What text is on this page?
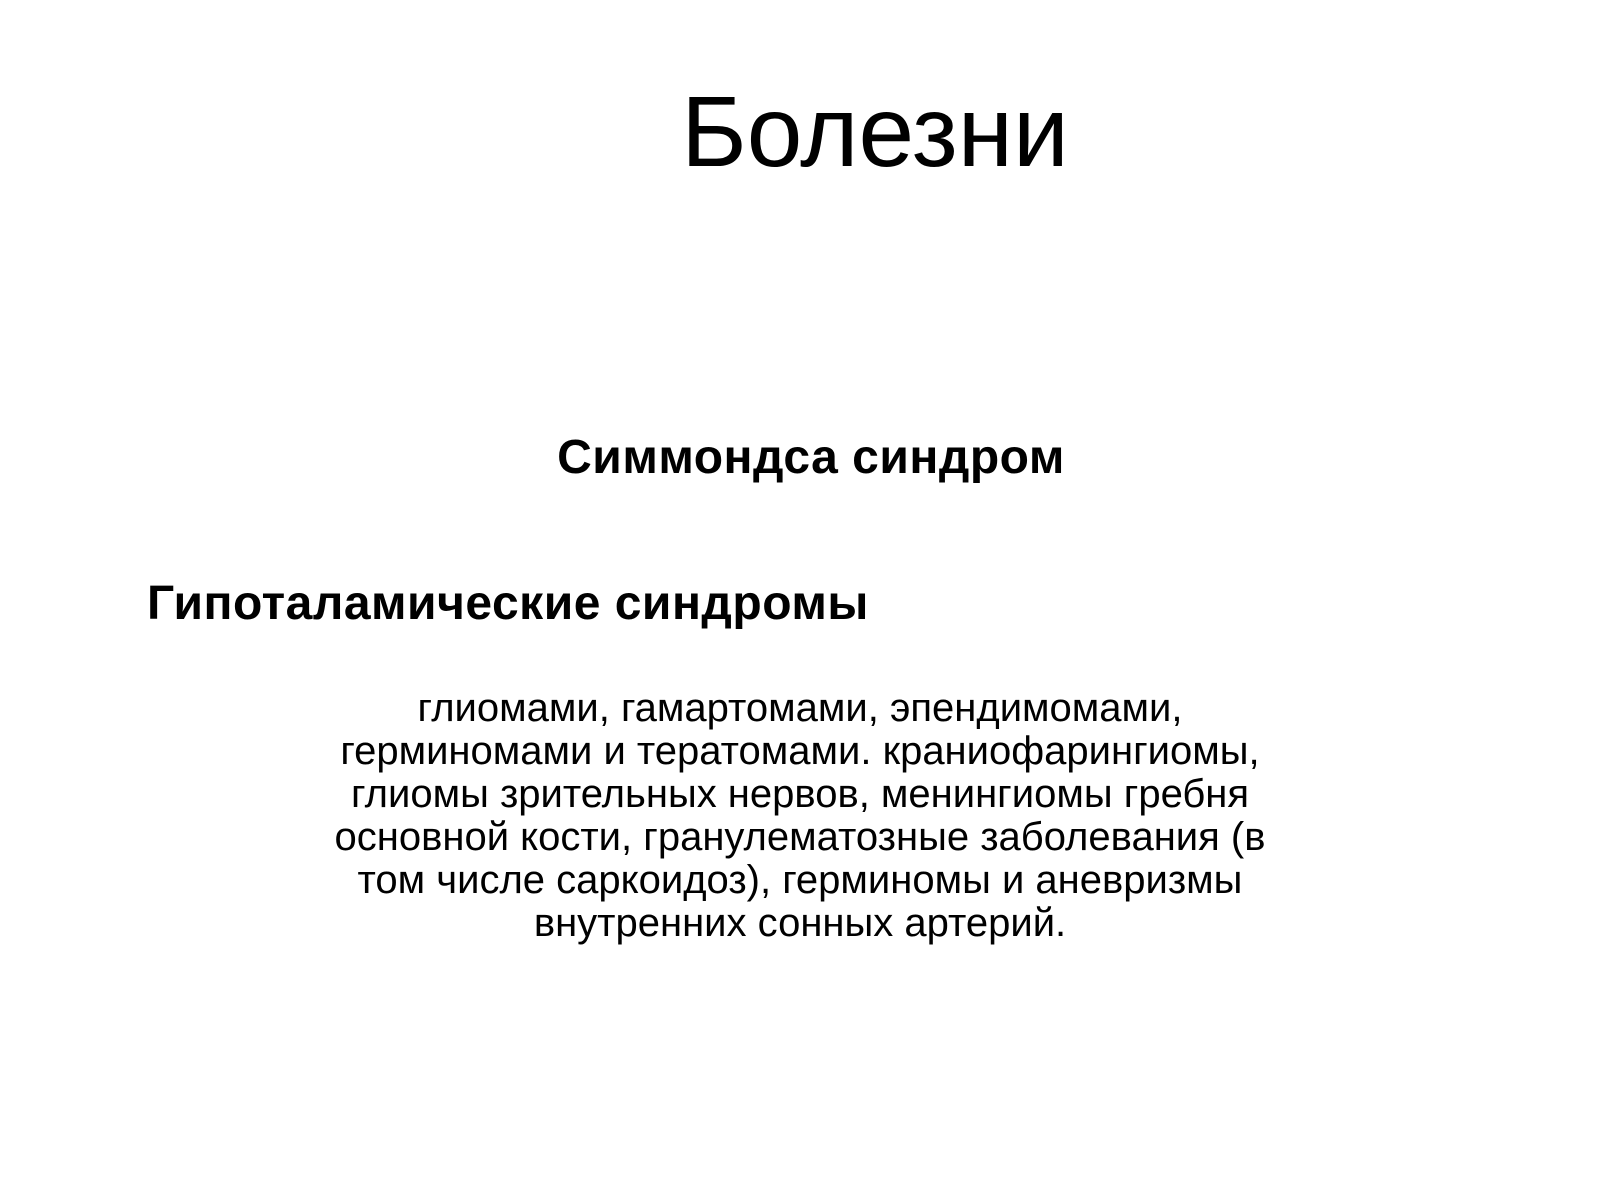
Болезни
Симмондса синдром
Гипоталамические синдромы

глиомами, гамартомами, эпендимомами,
герминомами и тератомами. краниофарингиомы,
глиомы зрительных нервов, менингиомы гребня
основной кости, гранулематозные заболевания (в
том числе саркоидоз), герминомы и аневризмы
внутренних сонных артерий.
